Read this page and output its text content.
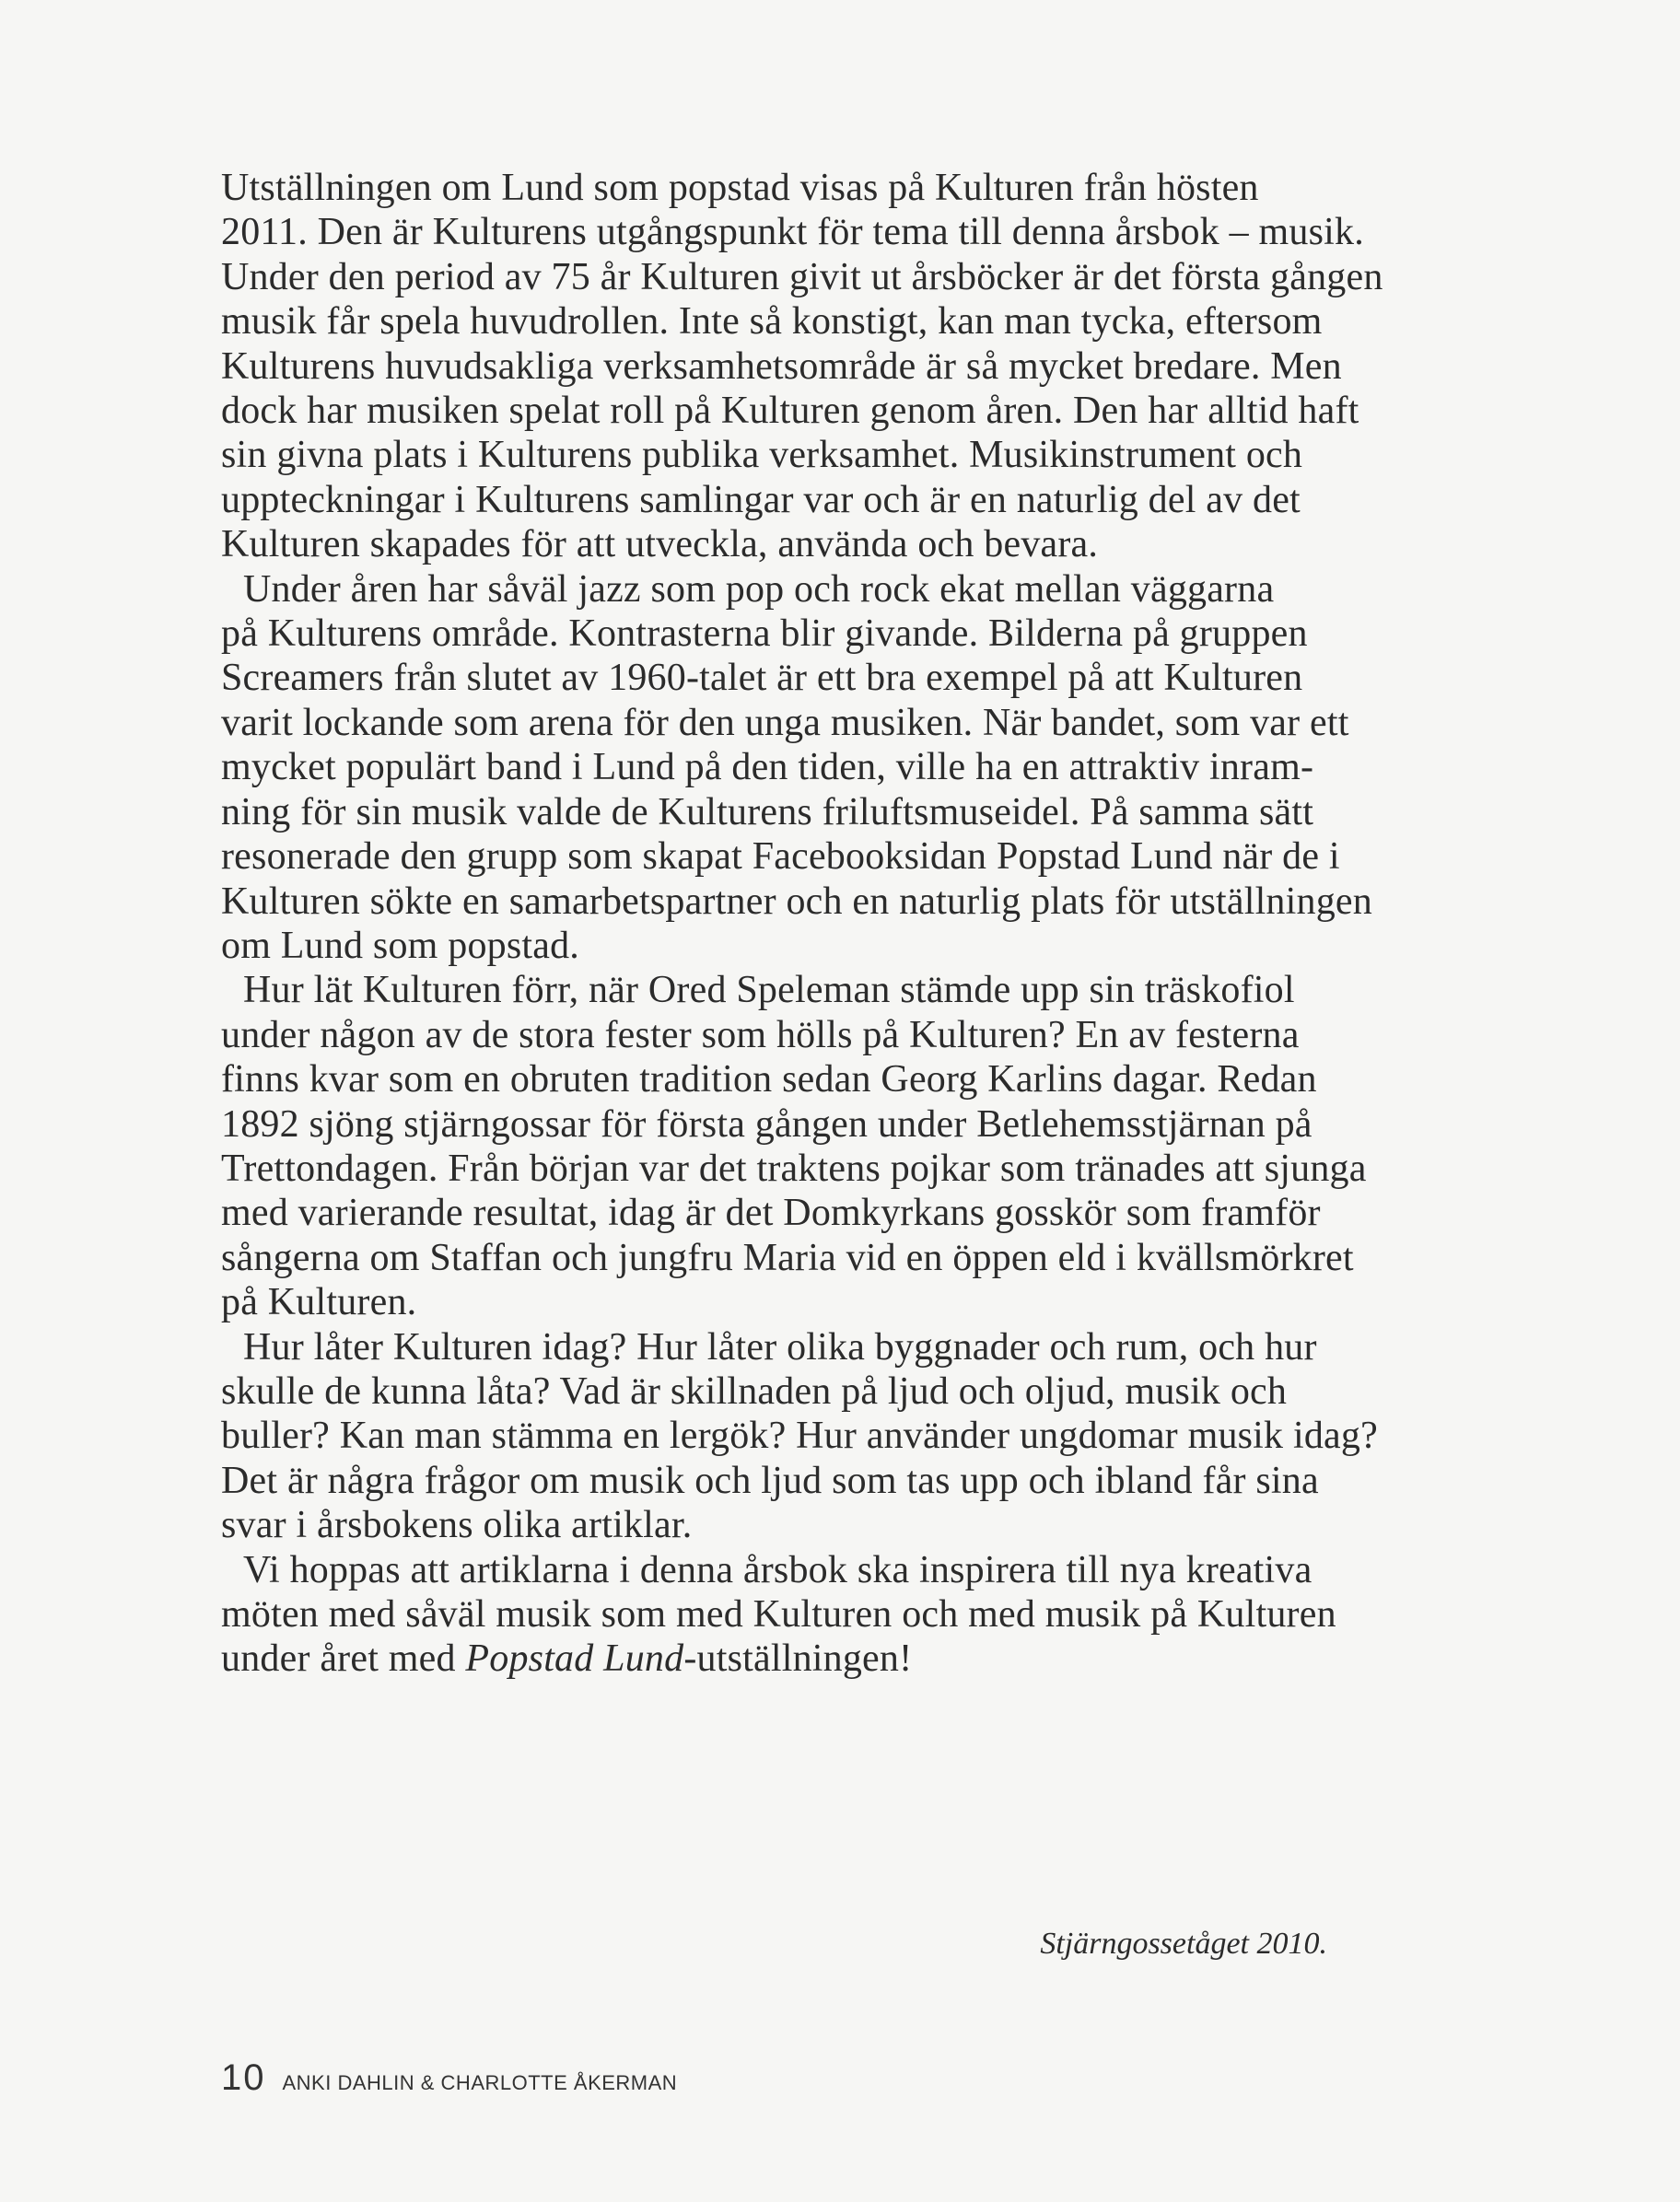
Utställningen om Lund som popstad visas på Kulturen från hösten
2011. Den är Kulturens utgångspunkt för tema till denna årsbok – musik.
Under den period av 75 år Kulturen givit ut årsböcker är det första gången
musik får spela huvudrollen. Inte så konstigt, kan man tycka, eftersom
Kulturens huvudsakliga verksamhetsområde är så mycket bredare. Men
dock har musiken spelat roll på Kulturen genom åren. Den har alltid haft
sin givna plats i Kulturens publika verksamhet. Musikinstrument och
uppteckningar i Kulturens samlingar var och är en naturlig del av det
Kulturen skapades för att utveckla, använda och bevara.

Under åren har såväl jazz som pop och rock ekat mellan väggarna
på Kulturens område. Kontrasterna blir givande. Bilderna på gruppen
Screamers från slutet av 1960-talet är ett bra exempel på att Kulturen
varit lockande som arena för den unga musiken. När bandet, som var ett
mycket populärt band i Lund på den tiden, ville ha en attraktiv inram-
ning för sin musik valde de Kulturens friluftsmuseidel. På samma sätt
resonerade den grupp som skapat Facebooksidan Popstad Lund när de i
Kulturen sökte en samarbetspartner och en naturlig plats för utställningen
om Lund som popstad.

Hur lät Kulturen förr, när Ored Speleman stämde upp sin träskofiol
under någon av de stora fester som hölls på Kulturen? En av festerna
finns kvar som en obruten tradition sedan Georg Karlins dagar. Redan
1892 sjöng stjärngossar för första gången under Betlehemsstjärnan på
Trettondagen. Från början var det traktens pojkar som tränades att sjunga
med varierande resultat, idag är det Domkyrkans gosskör som framför
sångerna om Staffan och jungfru Maria vid en öppen eld i kvällsmörkret
på Kulturen.

Hur låter Kulturen idag? Hur låter olika byggnader och rum, och hur
skulle de kunna låta? Vad är skillnaden på ljud och oljud, musik och
buller? Kan man stämma en lergök? Hur använder ungdomar musik idag?
Det är några frågor om musik och ljud som tas upp och ibland får sina
svar i årsbokens olika artiklar.

Vi hoppas att artiklarna i denna årsbok ska inspirera till nya kreativa
möten med såväl musik som med Kulturen och med musik på Kulturen
under året med Popstad Lund-utställningen!

Stjärngossetåget 2010.
10 ANKI DAHLIN & CHARLOTTE ÅKERMAN
